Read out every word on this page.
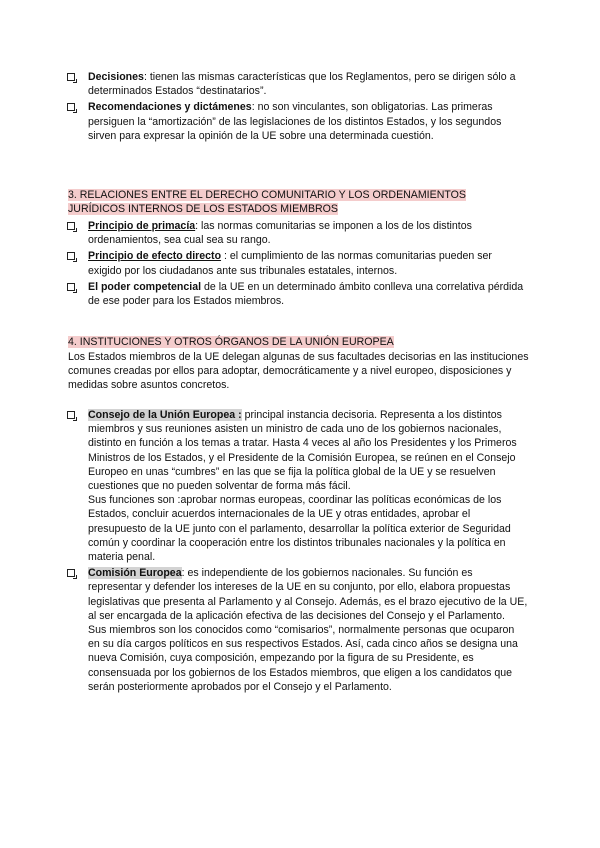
Decisiones: tienen las mismas características que los Reglamentos, pero se dirigen sólo a determinados Estados “destinatarios”.

Recomendaciones y dictámenes: no son vinculantes, son obligatorias. Las primeras persiguen la “amortización” de las legislaciones de los distintos Estados, y los segundos sirven para expresar la opinión de la UE sobre una determinada cuestión.

3. RELACIONES ENTRE EL DERECHO COMUNITARIO Y LOS ORDENAMIENTOS
JURÍDICOS INTERNOS DE LOS ESTADOS MIEMBROS

Principio de primacía: las normas comunitarias se imponen a los de los distintos ordenamientos, sea cual sea su rango.

Principio de efecto directo : el cumplimiento de las normas comunitarias pueden ser exigido por los ciudadanos ante sus tribunales estatales, internos.

El poder competencial de la UE en un determinado ámbito conlleva una correlativa pérdida de ese poder para los Estados miembros.

4. INSTITUCIONES Y OTROS ÓRGANOS DE LA UNIÓN EUROPEA

Los Estados miembros de la UE delegan algunas de sus facultades decisorias en las instituciones comunes creadas por ellos para adoptar, democráticamente y a nivel europeo, disposiciones y medidas sobre asuntos concretos.

Consejo de la Unión Europea : principal instancia decisoria. Representa a los distintos miembros y sus reuniones asisten un ministro de cada uno de los gobiernos nacionales, distinto en función a los temas a tratar. Hasta 4 veces al año los Presidentes y los Primeros Ministros de los Estados, y el Presidente de la Comisión Europea, se reúnen en el Consejo Europeo en unas “cumbres” en las que se fija la política global de la UE y se resuelven cuestiones que no pueden solventar de forma más fácil.

Sus funciones son :aprobar normas europeas, coordinar las políticas económicas de los Estados, concluir acuerdos internacionales de la UE y otras entidades, aprobar el presupuesto de la UE junto con el parlamento, desarrollar la política exterior de Seguridad común y coordinar la cooperación entre los distintos tribunales nacionales y la política en materia penal.

Comisión Europea: es independiente de los gobiernos nacionales. Su función es representar y defender los intereses de la UE en su conjunto, por ello, elabora propuestas legislativas que presenta al Parlamento y al Consejo. Además, es el brazo ejecutivo de la UE, al ser encargada de la aplicación efectiva de las decisiones del Consejo y el Parlamento.

Sus miembros son los conocidos como “comisarios”, normalmente personas que ocuparon en su día cargos políticos en sus respectivos Estados. Así, cada cinco años se designa una nueva Comisión, cuya composición, empezando por la figura de su Presidente, es consensuada por los gobiernos de los Estados miembros, que eligen a los candidatos que serán posteriormente aprobados por el Consejo y el Parlamento.
